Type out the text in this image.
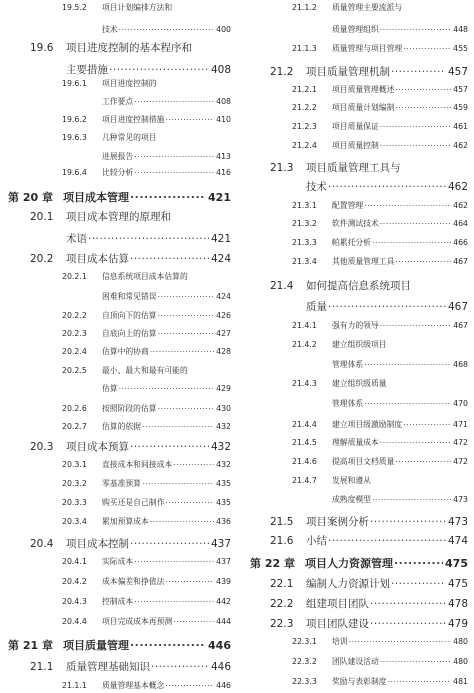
19.5.2	项目计划编排方法和
技术 .....	400
19.6	项目进度控制的基本程序和
主要措施 .....	408
19.6.1	项目进度控制的
工作要点 .....	408
19.6.2	项目进度控制措施 .....	410
19.6.3	几种常见的项目
进展报告 .....	413
19.6.4	比较分析 .....	416
第 20 章 项目成本管理 .....	421
20.1	项目成本管理的原理和
术语 .....	421
20.2	项目成本估算 .....	424
20.2.1	信息系统项目成本估算的
困难和常见错误 .....	424
20.2.2	自顶向下的估算 .....	426
20.2.3	自底向上的估算 .....	427
20.2.4	估算中的协商 .....	428
20.2.5	最小、最大和最有可能的
估算 .....	429
20.2.6	按照阶段的估算 .....	430
20.2.7	估算的依据 .....	432
20.3	项目成本预算 .....	432
20.3.1	直接成本和间接成本 .....	432
20.3.2	零基准预算 .....	435
20.3.3	购买还是自己制作 .....	435
20.3.4	累加预算成本 .....	436
20.4	项目成本控制 .....	437
20.4.1	实际成本 .....	437
20.4.2	成本偏差和挣值法 .....	439
20.4.3	控制成本 .....	442
20.4.4	项目完成成本再预测 .....	444
第 21 章 项目质量管理 .....	446
21.1	质量管理基础知识 .....	446
21.1.1	质量管理基本概念 .....	446
21.1.2	质量管理主要流派与
质量管理组织 .....	448
21.1.3	质量管理与项目管理 .....	455
21.2	项目质量管理机制 .....	457
21.2.1	项目质量管理概述 .....	457
21.2.2	项目质量计划编制 .....	459
21.2.3	项目质量保证 .....	461
21.2.4	项目质量控制 .....	462
21.3	项目质量管理工具与
技术 .....	462
21.3.1	配置管理 .....	462
21.3.2	软件测试技术 .....	464
21.3.3	帕累托分析 .....	466
21.3.4	其他质量管理工具 .....	467
21.4	如何提高信息系统项目
质量 .....	467
21.4.1	强有力的领导 .....	467
21.4.2	建立组织级项目
管理体系 .....	468
21.4.3	建立组织级质量
管理体系 .....	470
21.4.4	建立项目级激励制度 .....	471
21.4.5	理解质量成本 .....	472
21.4.6	提高项目文档质量 .....	472
21.4.7	发展和遵从
成熟度模型 .....	473
21.5	项目案例分析 .....	473
21.6	小结 .....	474
第 22 章 项目人力资源管理 .....	475
22.1	编制人力资源计划 .....	475
22.2	组建项目团队 .....	478
22.3	项目团队建设 .....	479
22.3.1	培训 .....	480
22.3.2	团队建设活动 .....	480
22.3.3	奖励与表彰制度 .....	481
